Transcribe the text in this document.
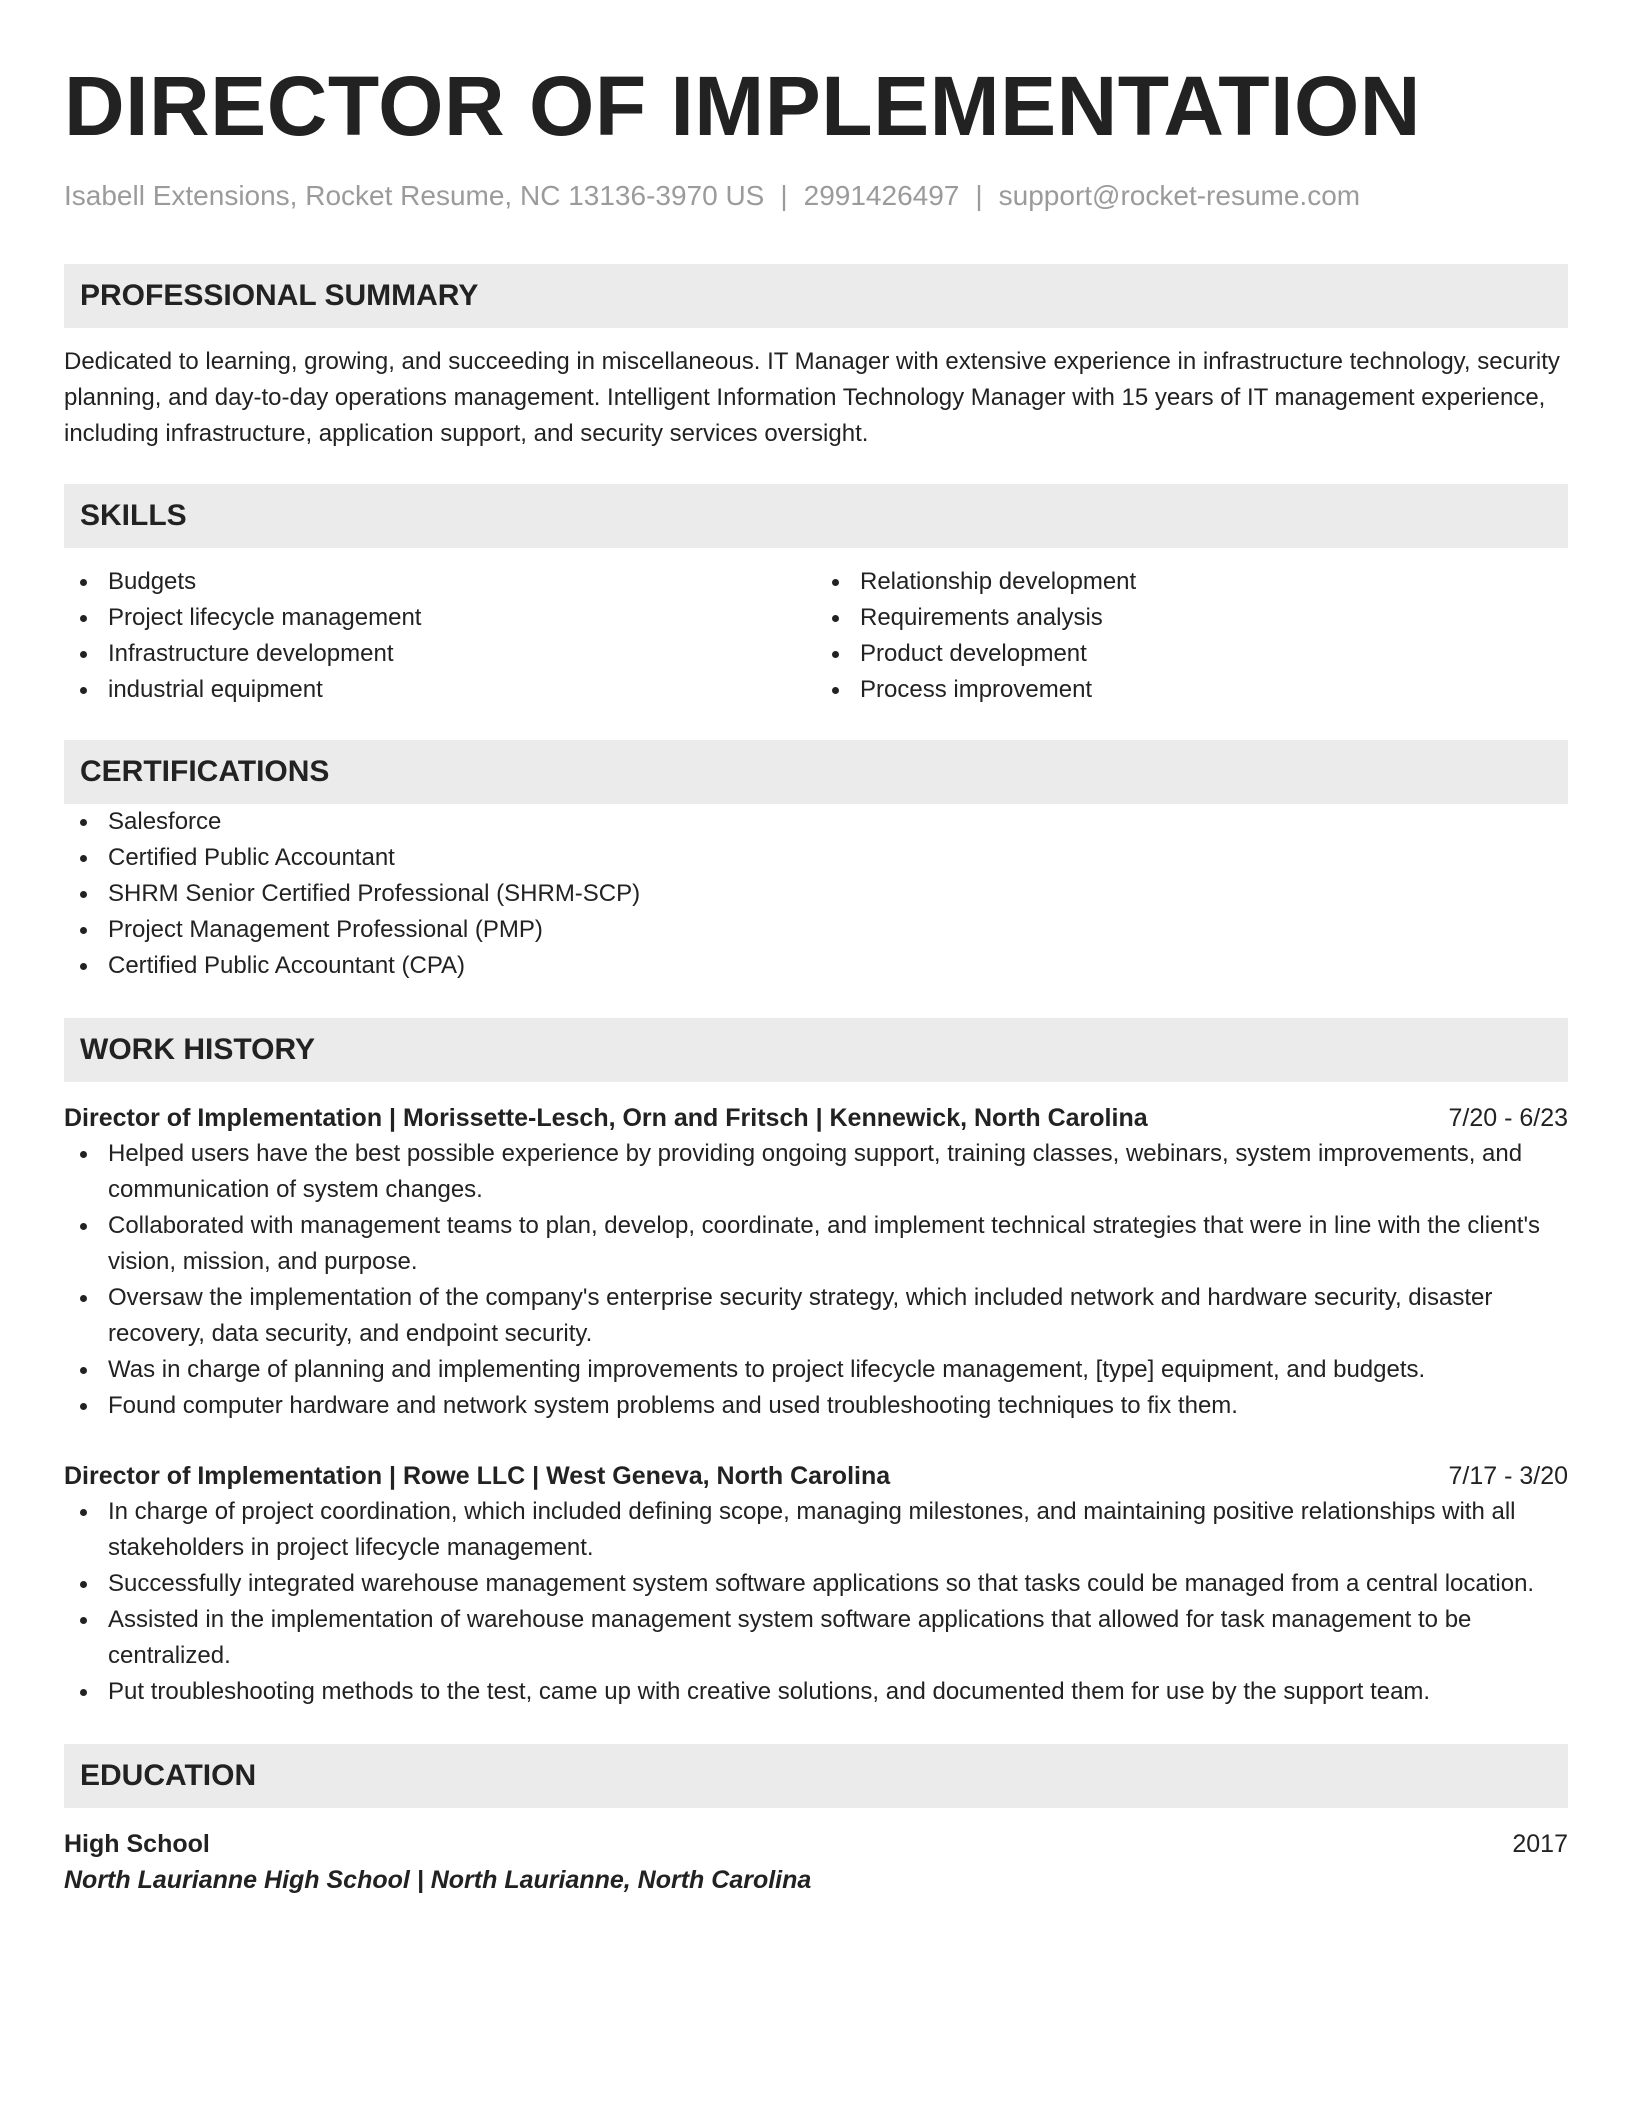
DIRECTOR OF IMPLEMENTATION
Isabell Extensions, Rocket Resume, NC 13136-3970 US | 2991426497 | support@rocket-resume.com
PROFESSIONAL SUMMARY
Dedicated to learning, growing, and succeeding in miscellaneous. IT Manager with extensive experience in infrastructure technology, security planning, and day-to-day operations management. Intelligent Information Technology Manager with 15 years of IT management experience, including infrastructure, application support, and security services oversight.
SKILLS
Budgets
Project lifecycle management
Infrastructure development
industrial equipment
Relationship development
Requirements analysis
Product development
Process improvement
CERTIFICATIONS
Salesforce
Certified Public Accountant
SHRM Senior Certified Professional (SHRM-SCP)
Project Management Professional (PMP)
Certified Public Accountant (CPA)
WORK HISTORY
Director of Implementation | Morissette-Lesch, Orn and Fritsch | Kennewick, North Carolina	7/20 - 6/23
Helped users have the best possible experience by providing ongoing support, training classes, webinars, system improvements, and communication of system changes.
Collaborated with management teams to plan, develop, coordinate, and implement technical strategies that were in line with the client's vision, mission, and purpose.
Oversaw the implementation of the company's enterprise security strategy, which included network and hardware security, disaster recovery, data security, and endpoint security.
Was in charge of planning and implementing improvements to project lifecycle management, [type] equipment, and budgets.
Found computer hardware and network system problems and used troubleshooting techniques to fix them.
Director of Implementation | Rowe LLC | West Geneva, North Carolina	7/17 - 3/20
In charge of project coordination, which included defining scope, managing milestones, and maintaining positive relationships with all stakeholders in project lifecycle management.
Successfully integrated warehouse management system software applications so that tasks could be managed from a central location.
Assisted in the implementation of warehouse management system software applications that allowed for task management to be centralized.
Put troubleshooting methods to the test, came up with creative solutions, and documented them for use by the support team.
EDUCATION
High School	2017
North Laurianne High School | North Laurianne, North Carolina
